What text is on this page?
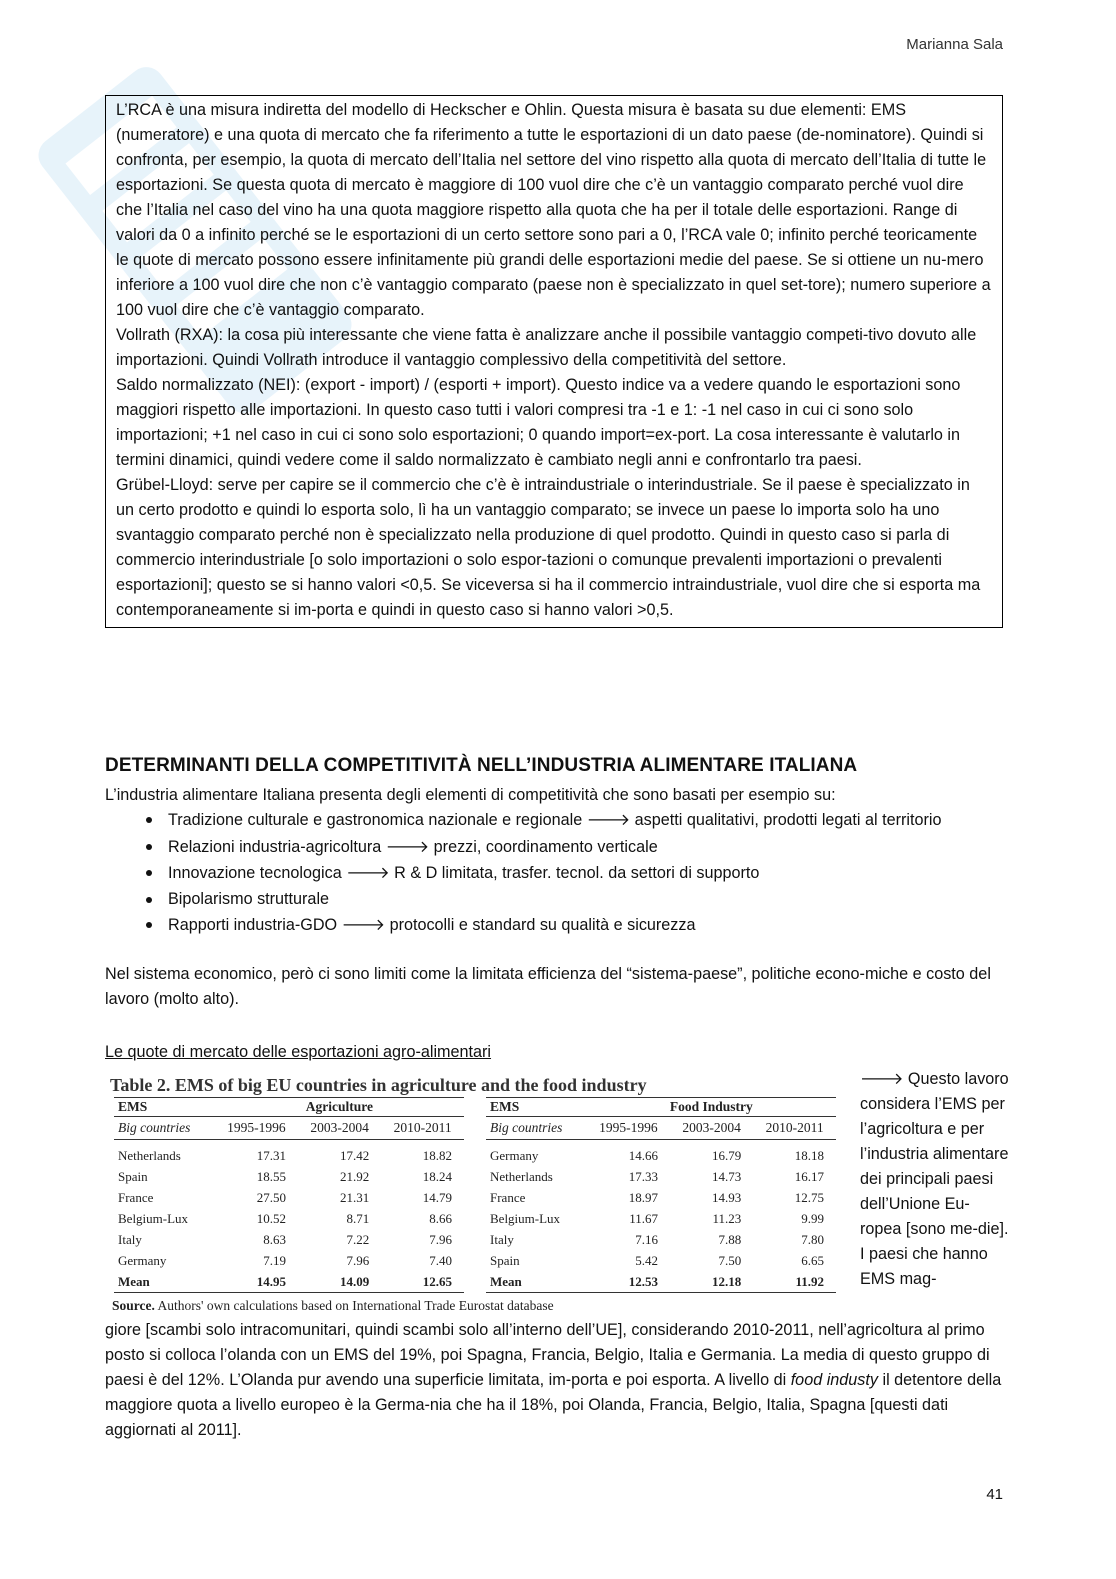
Marianna Sala

L’RCA è una misura indiretta del modello di Heckscher e Ohlin. Questa misura è basata su due elementi: EMS (numeratore) e una quota di mercato che fa riferimento a tutte le esportazioni di un dato paese (de-nominatore). Quindi si confronta, per esempio, la quota di mercato dell’Italia nel settore del vino rispetto alla quota di mercato dell’Italia di tutte le esportazioni. Se questa quota di mercato è maggiore di 100 vuol dire che c’è un vantaggio comparato perché vuol dire che l’Italia nel caso del vino ha una quota maggiore rispetto alla quota che ha per il totale delle esportazioni. Range di valori da 0 a infinito perché se le esportazioni di un certo settore sono pari a 0, l’RCA vale 0; infinito perché teoricamente le quote di mercato possono essere infinitamente più grandi delle esportazioni medie del paese. Se si ottiene un nu-mero inferiore a 100 vuol dire che non c’è vantaggio comparato (paese non è specializzato in quel set-tore); numero superiore a 100 vuol dire che c’è vantaggio comparato.

Vollrath (RXA): la cosa più interessante che viene fatta è analizzare anche il possibile vantaggio competi-tivo dovuto alle importazioni. Quindi Vollrath introduce il vantaggio complessivo della competitività del settore.

Saldo normalizzato (NEI): (export - import) / (esporti + import). Questo indice va a vedere quando le esportazioni sono maggiori rispetto alle importazioni. In questo caso tutti i valori compresi tra -1 e 1: -1 nel caso in cui ci sono solo importazioni; +1 nel caso in cui ci sono solo esportazioni; 0 quando import=ex-port. La cosa interessante è valutarlo in termini dinamici, quindi vedere come il saldo normalizzato è cambiato negli anni e confrontarlo tra paesi.

Grübel-Lloyd: serve per capire se il commercio che c’è è intraindustriale o interindustriale. Se il paese è specializzato in un certo prodotto e quindi lo esporta solo, lì ha un vantaggio comparato; se invece un paese lo importa solo ha uno svantaggio comparato perché non è specializzato nella produzione di quel prodotto. Quindi in questo caso si parla di commercio interindustriale [o solo importazioni o solo espor-tazioni o comunque prevalenti importazioni o prevalenti esportazioni]; questo se si hanno valori <0,5. Se viceversa si ha il commercio intraindustriale, vuol dire che si esporta ma contemporaneamente si im-porta e quindi in questo caso si hanno valori >0,5.

DETERMINANTI DELLA COMPETITIVITÀ NELL’INDUSTRIA ALIMENTARE ITALIANA
L’industria alimentare Italiana presenta degli elementi di competitività che sono basati per esempio su:
Tradizione culturale e gastronomica nazionale e regionale 🡒 aspetti qualitativi, prodotti legati al territorio
Relazioni industria-agricoltura 🡒 prezzi, coordinamento verticale
Innovazione tecnologica 🡒 R & D limitata, trasfer. tecnol. da settori di supporto
Bipolarismo strutturale
Rapporti industria-GDO 🡒 protocolli e standard su qualità e sicurezza
Nel sistema economico, però ci sono limiti come la limitata efficienza del “sistema-paese”, politiche econo-miche e costo del lavoro (molto alto).
Le quote di mercato delle esportazioni agro-alimentari
Table 2. EMS of big EU countries in agriculture and the food industry
EMS	Agriculture		
Big countries	1995-1996	2003-2004	2010-2011
Netherlands	17.31	17.42	18.82
Spain	18.55	21.92	18.24
France	27.50	21.31	14.79
Belgium-Lux	10.52	8.71	8.66
Italy	8.63	7.22	7.96
Germany	7.19	7.96	7.40
Mean	14.95	14.09	12.65
EMS	Food Industry		
Big countries	1995-1996	2003-2004	2010-2011
Germany	14.66	16.79	18.18
Netherlands	17.33	14.73	16.17
France	18.97	14.93	12.75
Belgium-Lux	11.67	11.23	9.99
Italy	7.16	7.88	7.80
Spain	5.42	7.50	6.65
Mean	12.53	12.18	11.92
Source. Authors' own calculations based on International Trade Eurostat database
🡒 Questo lavoro considera l’EMS per l’agricoltura e per l’industria alimentare dei principali paesi dell’Unione Eu-ropea [sono me-die]. I paesi che hanno EMS mag-
giore [scambi solo intracomunitari, quindi scambi solo all’interno dell’UE], considerando 2010-2011, nell’agricoltura al primo posto si colloca l’olanda con un EMS del 19%, poi Spagna, Francia, Belgio, Italia e Germania. La media di questo gruppo di paesi è del 12%. L’Olanda pur avendo una superficie limitata, im-porta e poi esporta. A livello di food industy il detentore della maggiore quota a livello europeo è la Germa-nia che ha il 18%, poi Olanda, Francia, Belgio, Italia, Spagna [questi dati aggiornati al 2011].
41
